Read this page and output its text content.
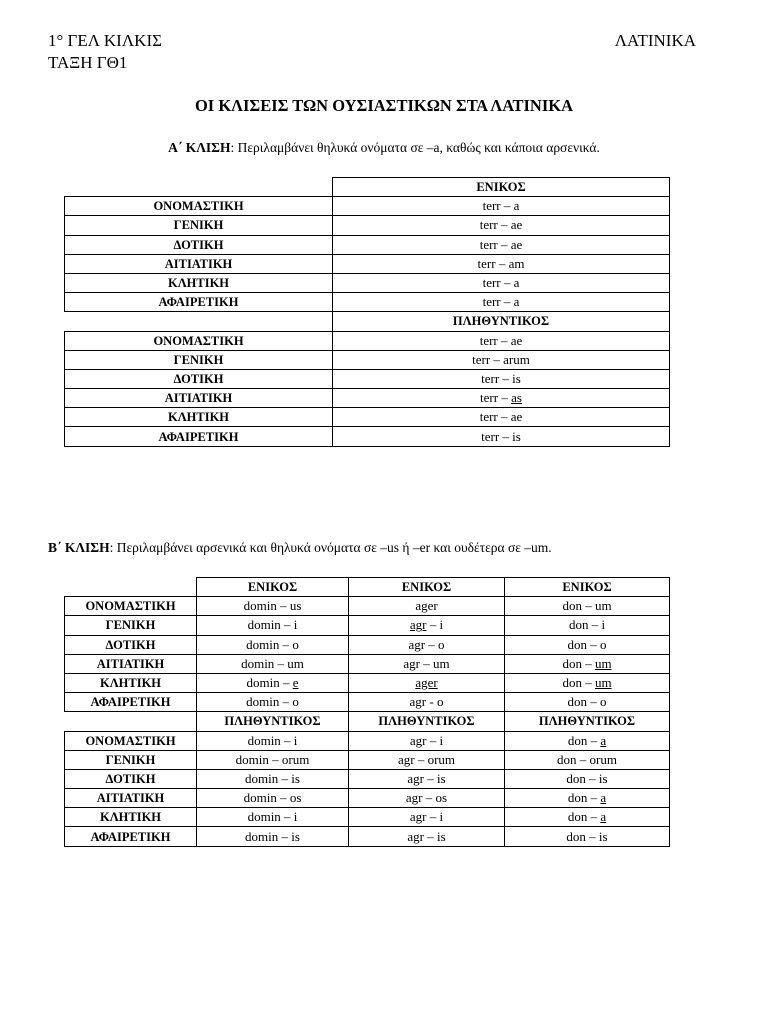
1° ΓΕΛ ΚΙΛΚΙΣ
ΤΑΞΗ ΓΘ1
ΛΑΤΙΝΙΚΑ
ΟΙ ΚΛΙΣΕΙΣ ΤΩΝ ΟΥΣΙΑΣΤΙΚΩΝ ΣΤΑ ΛΑΤΙΝΙΚΑ
Α΄ ΚΛΙΣΗ: Περιλαμβάνει θηλυκά ονόματα σε –a, καθώς και κάποια αρσενικά.
	ΕΝΙΚΟΣ
ΟΝΟΜΑΣΤΙΚΗ	terr – a
ΓΕΝΙΚΗ	terr – ae
ΔΟΤΙΚΗ	terr – ae
ΑΙΤΙΑΤΙΚΗ	terr – am
ΚΛΗΤΙΚΗ	terr – a
ΑΦΑΙΡΕΤΙΚΗ	terr – a
	ΠΛΗΘΥΝΤΙΚΟΣ
ΟΝΟΜΑΣΤΙΚΗ	terr – ae
ΓΕΝΙΚΗ	terr – arum
ΔΟΤΙΚΗ	terr – is
ΑΙΤΙΑΤΙΚΗ	terr – as
ΚΛΗΤΙΚΗ	terr – ae
ΑΦΑΙΡΕΤΙΚΗ	terr – is
Β΄ ΚΛΙΣΗ: Περιλαμβάνει αρσενικά και θηλυκά ονόματα σε –us ή –er και ουδέτερα σε –um.
	ΕΝΙΚΟΣ	ΕΝΙΚΟΣ	ΕΝΙΚΟΣ
ΟΝΟΜΑΣΤΙΚΗ	domin – us	ager	don – um
ΓΕΝΙΚΗ	domin – i	agr – i	don – i
ΔΟΤΙΚΗ	domin – o	agr – o	don – o
ΑΙΤΙΑΤΙΚΗ	domin – um	agr – um	don – um
ΚΛΗΤΙΚΗ	domin – e	ager	don – um
ΑΦΑΙΡΕΤΙΚΗ	domin – o	agr - o	don – o
	ΠΛΗΘΥΝΤΙΚΟΣ	ΠΛΗΘΥΝΤΙΚΟΣ	ΠΛΗΘΥΝΤΙΚΟΣ
ΟΝΟΜΑΣΤΙΚΗ	domin – i	agr – i	don – a
ΓΕΝΙΚΗ	domin – orum	agr – orum	don – orum
ΔΟΤΙΚΗ	domin – is	agr – is	don – is
ΑΙΤΙΑΤΙΚΗ	domin – os	agr – os	don – a
ΚΛΗΤΙΚΗ	domin – i	agr – i	don – a
ΑΦΑΙΡΕΤΙΚΗ	domin – is	agr – is	don – is
